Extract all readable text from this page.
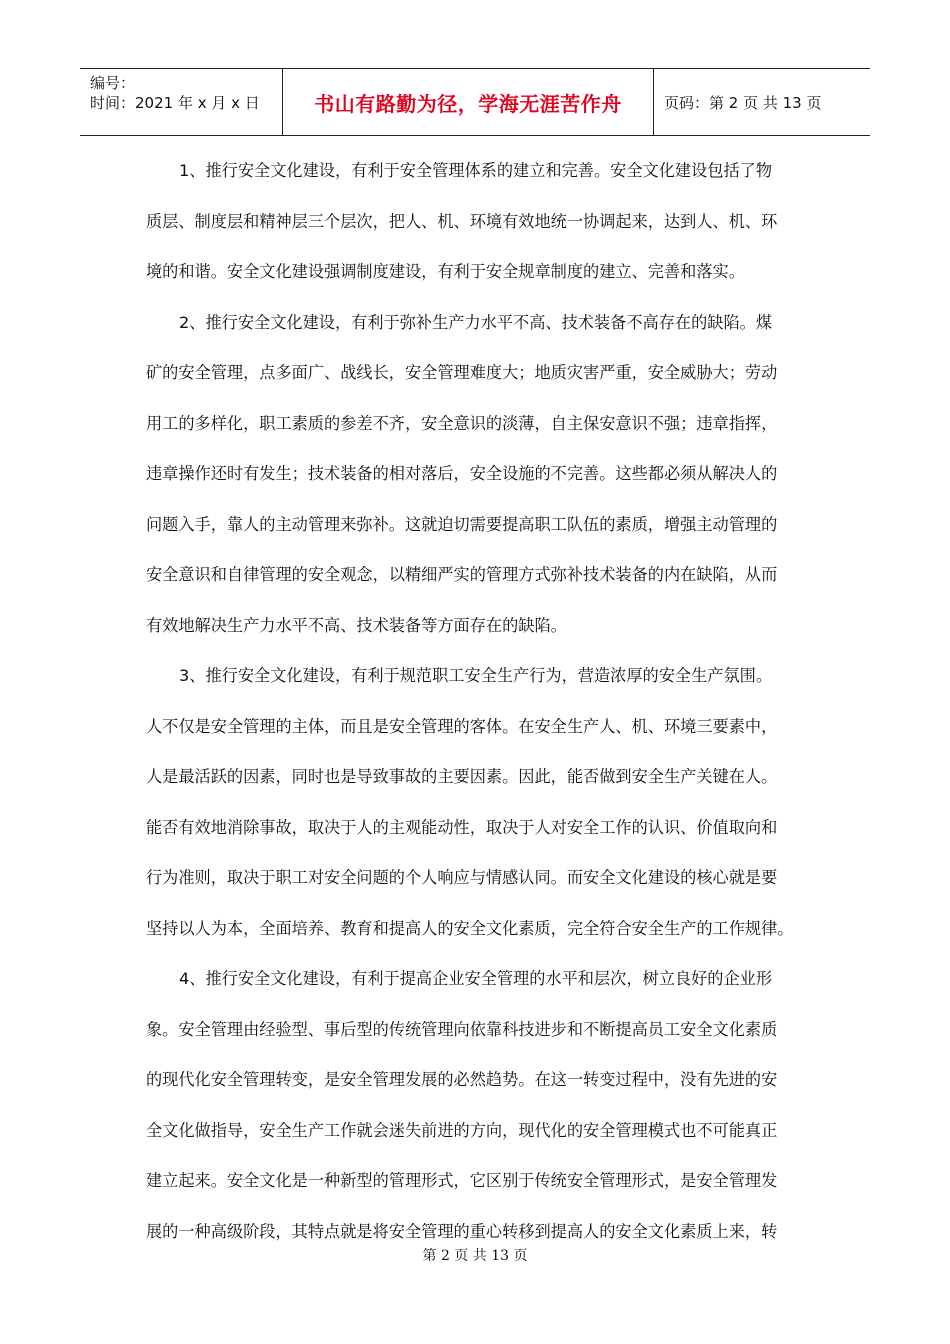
编号：
时间：2021 年 x 月 x 日	书山有路勤为径，学海无涯苦作舟	页码：第 2 页 共 13 页
1、推行安全文化建设，有利于安全管理体系的建立和完善。安全文化建设包括了物
质层、制度层和精神层三个层次，把人、机、环境有效地统一协调起来，达到人、机、环
境的和谐。安全文化建设强调制度建设，有利于安全规章制度的建立、完善和落实。
2、推行安全文化建设，有利于弥补生产力水平不高、技术装备不高存在的缺陷。煤
矿的安全管理，点多面广、战线长，安全管理难度大；地质灾害严重，安全威胁大；劳动
用工的多样化，职工素质的参差不齐，安全意识的淡薄，自主保安意识不强；违章指挥，
违章操作还时有发生；技术装备的相对落后，安全设施的不完善。这些都必须从解决人的
问题入手，靠人的主动管理来弥补。这就迫切需要提高职工队伍的素质，增强主动管理的
安全意识和自律管理的安全观念，以精细严实的管理方式弥补技术装备的内在缺陷，从而
有效地解决生产力水平不高、技术装备等方面存在的缺陷。
3、推行安全文化建设，有利于规范职工安全生产行为，营造浓厚的安全生产氛围。
人不仅是安全管理的主体，而且是安全管理的客体。在安全生产人、机、环境三要素中，
人是最活跃的因素，同时也是导致事故的主要因素。因此，能否做到安全生产关键在人。
能否有效地消除事故，取决于人的主观能动性，取决于人对安全工作的认识、价值取向和
行为准则，取决于职工对安全问题的个人响应与情感认同。而安全文化建设的核心就是要
坚持以人为本，全面培养、教育和提高人的安全文化素质，完全符合安全生产的工作规律。
4、推行安全文化建设，有利于提高企业安全管理的水平和层次，树立良好的企业形
象。安全管理由经验型、事后型的传统管理向依靠科技进步和不断提高员工安全文化素质
的现代化安全管理转变，是安全管理发展的必然趋势。在这一转变过程中，没有先进的安
全文化做指导，安全生产工作就会迷失前进的方向，现代化的安全管理模式也不可能真正
建立起来。安全文化是一种新型的管理形式，它区别于传统安全管理形式，是安全管理发
展的一种高级阶段，其特点就是将安全管理的重心转移到提高人的安全文化素质上来，转
第 2 页 共 13 页
